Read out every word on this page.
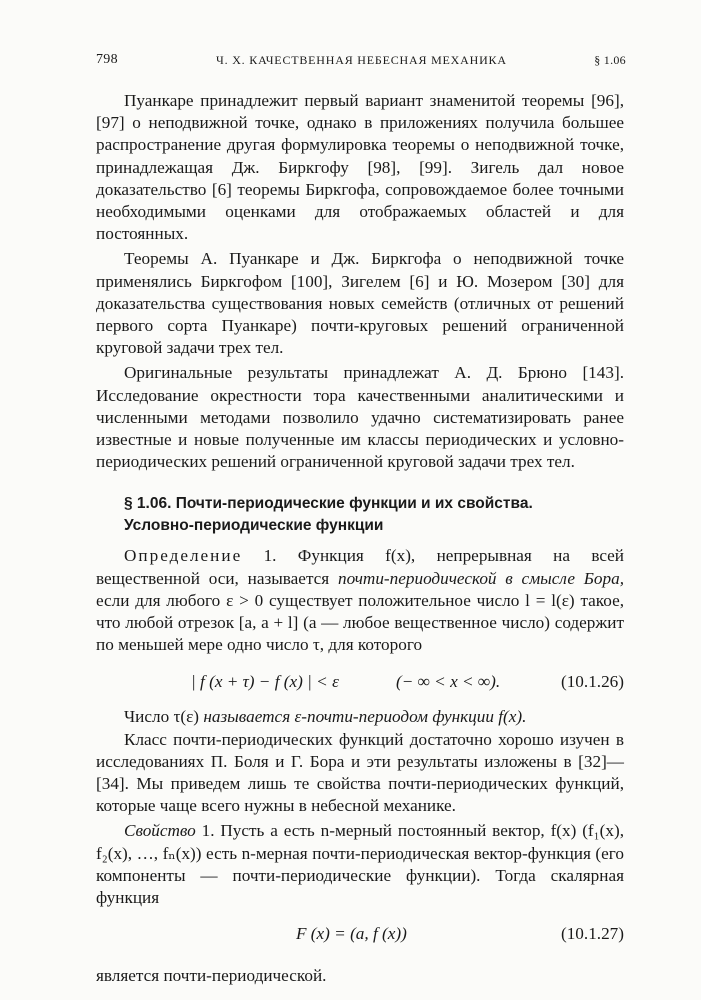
798	Ч. X. КАЧЕСТВЕННАЯ НЕБЕСНАЯ МЕХАНИКА	§ 1.06

Пуанкаре принадлежит первый вариант знаменитой теоремы [96], [97] о неподвижной точке, однако в приложениях получила большее распространение другая формулировка теоремы о неподвижной точке, принадлежащая Дж. Биркгофу [98], [99]. Зигель дал новое доказательство [6] теоремы Биркгофа, сопровождаемое более точными необходимыми оценками для отображаемых областей и для постоянных.

Теоремы А. Пуанкаре и Дж. Биркгофа о неподвижной точке применялись Биркгофом [100], Зигелем [6] и Ю. Мозером [30] для доказательства существования новых семейств (отличных от решений первого сорта Пуанкаре) почти-круговых решений ограниченной круговой задачи трех тел.

Оригинальные результаты принадлежат А. Д. Брюно [143]. Исследование окрестности тора качественными аналитическими и численными методами позволило удачно систематизировать ранее известные и новые полученные им классы периодических и условно-периодических решений ограниченной круговой задачи трех тел.

§ 1.06. Почти-периодические функции и их свойства.
Условно-периодические функции

Определение 1. Функция f(x), непрерывная на всей вещественной оси, называется почти-периодической в смысле Бора, если для любого ε > 0 существует положительное число l = l(ε) такое, что любой отрезок [a, a + l] (a — любое вещественное число) содержит по меньшей мере одно число τ, для которого

| f (x + τ) − f (x) | < ε	(− ∞ < x < ∞).	(10.1.26)

Число τ(ε) называется ε-почти-периодом функции f(x).

Класс почти-периодических функций достаточно хорошо изучен в исследованиях П. Боля и Г. Бора и эти результаты изложены в [32]—[34]. Мы приведем лишь те свойства почти-периодических функций, которые чаще всего нужны в небесной механике.

Свойство 1. Пусть a есть n-мерный постоянный вектор, f(x) (f₁(x), f₂(x), …, fₙ(x)) есть n-мерная почти-периодическая вектор-функция (его компоненты — почти-периодические функции). Тогда скалярная функция

F (x) = (a, f (x))	(10.1.27)

является почти-периодической.
